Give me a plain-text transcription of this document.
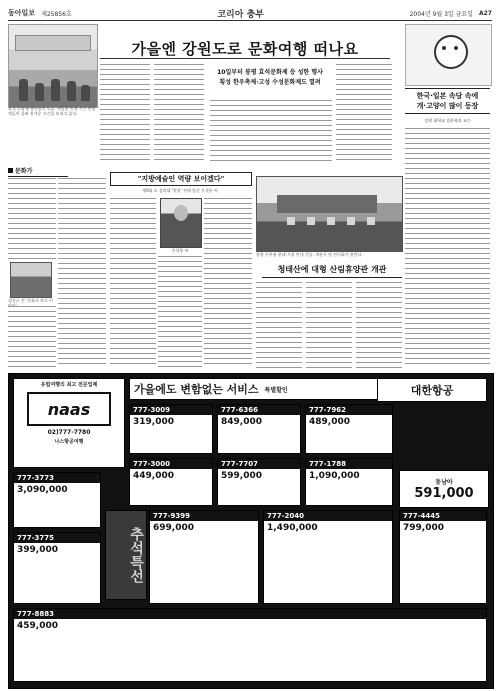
동아일보 제25856호	코리아 충부	2004년 9월 3일 금요일 A27
효석 문화제 행사장의 모습. 메밀꽃 축제 기간 관광객들이 몰려 흥겨운 시간을 보내고 있다.
가을엔 강원도로 문화여행 떠나요
10일부터 봉평 효석문화제 등 성한 행사
횡성 한우축제·고성 수성문화제도 열려
문화가
성진로 전 '문화의 차로 이
"지방예술인 역량 보이겠다"
제9회 도 음악대 '원점' 전에 입선 우석통 씨
우석통 씨
강원 동부권 현대 시설 안내 건물. 개관식 및 전시회가 열린다.
청태산에 대형 산림휴양관 개관
한국·일본 속담 속에
개·고양이 많이 등장
강원 대학교 일본학과 교수
유럽여행의 최고 전문업체
naas
02)777-7780
나스항공여행
가을에도 변함없는 서비스 특별할인	대한항공
777-3009
319,000
777-6366
849,000
777-7962
489,000
777-3773
3,090,000
777-3000
449,000
777-7707
599,000
777-1788
1,090,000
추석특선
동남아
591,000
777-3775
399,000
777-9399
699,000
777-2040
1,490,000
777-4445
799,000
777-8883
459,000
